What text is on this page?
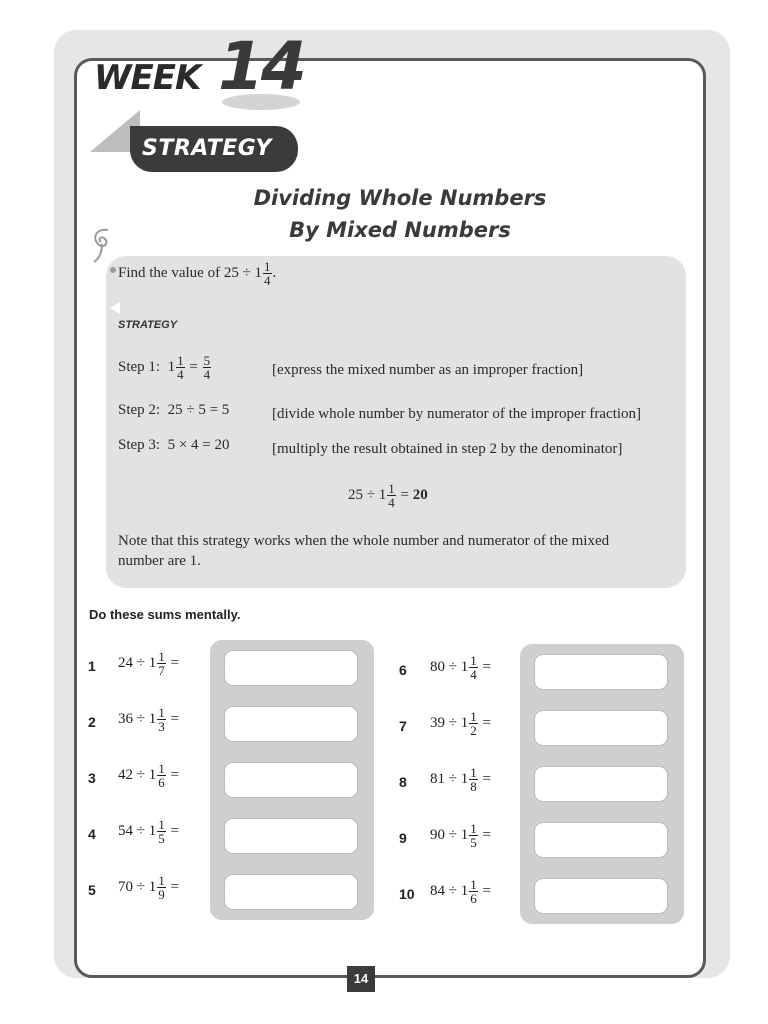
WEEK 14
STRATEGY
Dividing Whole Numbers
By Mixed Numbers
Find the value of $25 \div 1 \frac{1}{4}$ .
STRATEGY
Step 1: $1 \frac{1}{4} = \frac{5}{4}$	[express the mixed number as an improper fraction]
Step 2: 25 ÷ 5 = 5	[divide whole number by numerator of the improper fraction]
Step 3: 5 × 4 = 20	[multiply the result obtained in step 2 by the denominator]
$25 \div 1 \frac{1}{4} = 20$
Note that this strategy works when the whole number and numerator of the mixed number are 1.
Do these sums mentally.
1 $24 \div 1 \frac{1}{7}$ =
2 $36 \div 1 \frac{1}{3}$ =
3 $42 \div 1 \frac{1}{6}$ =
4 $54 \div 1 \frac{1}{5}$ =
5 $70 \div 1 \frac{1}{9}$ =
6 $80 \div 1 \frac{1}{4}$ =
7 $39 \div 1 \frac{1}{2}$ =
8 $81 \div 1 \frac{1}{8}$ =
9 $90 \div 1 \frac{1}{5}$ =
10 $84 \div 1 \frac{1}{6}$ =
14
